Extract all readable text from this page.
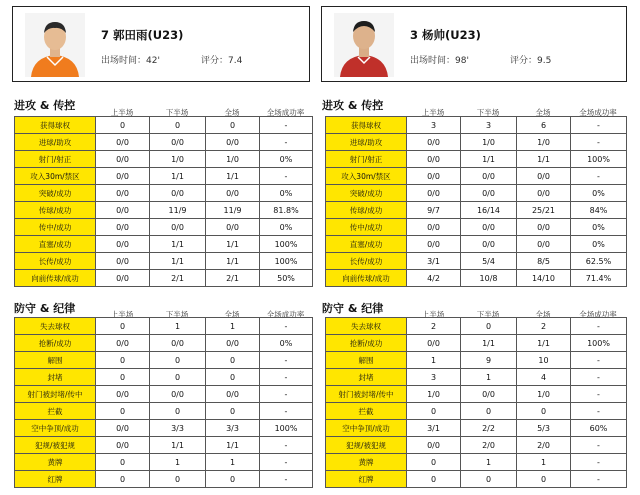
7 郭田雨(U23)
出场时间：42'	评分：7.4
3 杨帅(U23)
出场时间：98'	评分：9.5
进攻 & 传控	进攻 & 传控
防守 & 纪律	防守 & 纪律
上半场	下半场	全场	全场成功率
上半场	下半场	全场	全场成功率
上半场	下半场	全场	全场成功率
上半场	下半场	全场	全场成功率
获得球权	0	0	0	-
进球/助攻	0/0	0/0	0/0	-
射门/射正	0/0	1/0	1/0	0%
攻入30m/禁区	0/0	1/1	1/1	-
突破/成功	0/0	0/0	0/0	0%
传球/成功	0/0	11/9	11/9	81.8%
传中/成功	0/0	0/0	0/0	0%
直塞/成功	0/0	1/1	1/1	100%
长传/成功	0/0	1/1	1/1	100%
向前传球/成功	0/0	2/1	2/1	50%
获得球权	3	3	6	-
进球/助攻	0/0	1/0	1/0	-
射门/射正	0/0	1/1	1/1	100%
攻入30m/禁区	0/0	0/0	0/0	-
突破/成功	0/0	0/0	0/0	0%
传球/成功	9/7	16/14	25/21	84%
传中/成功	0/0	0/0	0/0	0%
直塞/成功	0/0	0/0	0/0	0%
长传/成功	3/1	5/4	8/5	62.5%
向前传球/成功	4/2	10/8	14/10	71.4%
失去球权	0	1	1	-
抢断/成功	0/0	0/0	0/0	0%
解围	0	0	0	-
封堵	0	0	0	-
射门被封堵/传中	0/0	0/0	0/0	-
拦截	0	0	0	-
空中争顶/成功	0/0	3/3	3/3	100%
犯规/被犯规	0/0	1/1	1/1	-
黄牌	0	1	1	-
红牌	0	0	0	-
失去球权	2	0	2	-
抢断/成功	0/0	1/1	1/1	100%
解围	1	9	10	-
封堵	3	1	4	-
射门被封堵/传中	1/0	0/0	1/0	-
拦截	0	0	0	-
空中争顶/成功	3/1	2/2	5/3	60%
犯规/被犯规	0/0	2/0	2/0	-
黄牌	0	1	1	-
红牌	0	0	0	-
